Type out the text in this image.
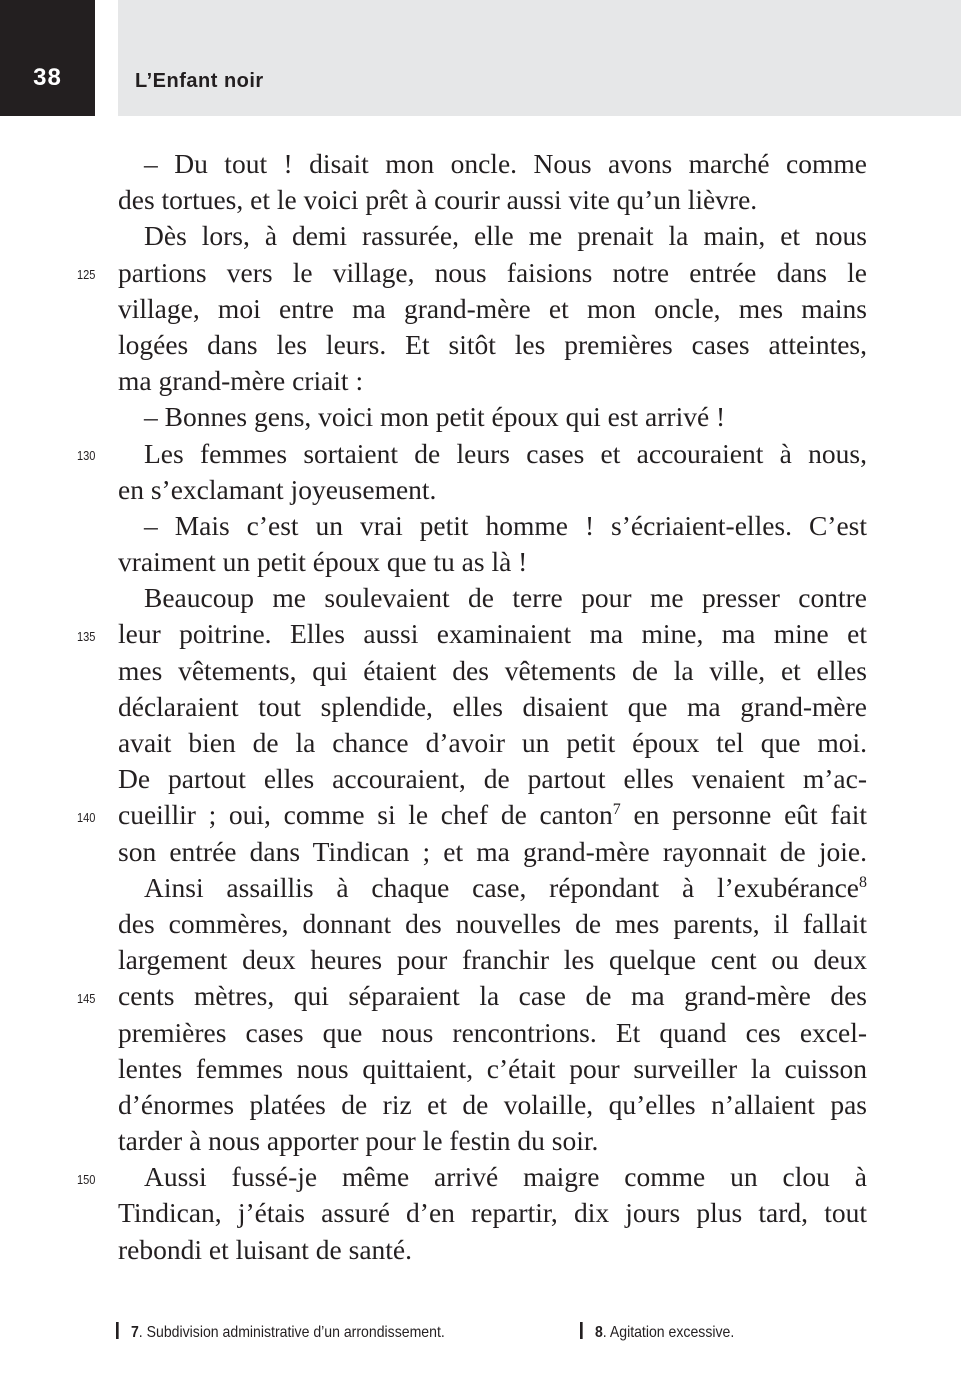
38	L’Enfant noir
125
130
135
140
145
150
– Du tout ! disait mon oncle. Nous avons marché comme
des tortues, et le voici prêt à courir aussi vite qu’un lièvre.
Dès lors, à demi rassurée, elle me prenait la main, et nous
partions vers le village, nous faisions notre entrée dans le
village, moi entre ma grand-mère et mon oncle, mes mains
logées dans les leurs. Et sitôt les premières cases atteintes,
ma grand-mère criait :
– Bonnes gens, voici mon petit époux qui est arrivé !
Les femmes sortaient de leurs cases et accouraient à nous,
en s’exclamant joyeusement.
– Mais c’est un vrai petit homme ! s’écriaient-elles. C’est
vraiment un petit époux que tu as là !
Beaucoup me soulevaient de terre pour me presser contre
leur poitrine. Elles aussi examinaient ma mine, ma mine et
mes vêtements, qui étaient des vêtements de la ville, et elles
déclaraient tout splendide, elles disaient que ma grand-mère
avait bien de la chance d’avoir un petit époux tel que moi.
De partout elles accouraient, de partout elles venaient m’ac-
cueillir ; oui, comme si le chef de canton$^7$ en personne eût fait
son entrée dans Tindican ; et ma grand-mère rayonnait de joie.
Ainsi assaillis à chaque case, répondant à l’exubérance$^8$
des commères, donnant des nouvelles de mes parents, il fallait
largement deux heures pour franchir les quelque cent ou deux
cents mètres, qui séparaient la case de ma grand-mère des
premières cases que nous rencontrions. Et quand ces excel-
lentes femmes nous quittaient, c’était pour surveiller la cuisson
d’énormes platées de riz et de volaille, qu’elles n’allaient pas
tarder à nous apporter pour le festin du soir.
Aussi fussé-je même arrivé maigre comme un clou à
Tindican, j’étais assuré d’en repartir, dix jours plus tard, tout
rebondi et luisant de santé.
7. Subdivision administrative d’un arrondissement.	8. Agitation excessive.
